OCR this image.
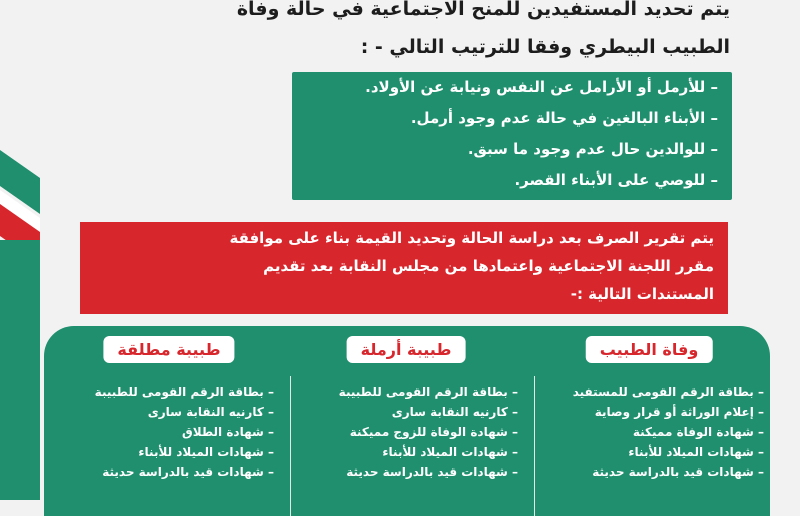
يتم تحديد المستفيدين للمنح الاجتماعية في حالة وفاة
الطبيب البيطري وفقا للترتيب التالي - :
– للأرمل أو الأرامل عن النفس ونيابة عن الأولاد.
– الأبناء البالغين في حالة عدم وجود أرمل.
– للوالدين حال عدم وجود ما سبق.
– للوصي على الأبناء القصر.
يتم تقرير الصرف بعد دراسة الحالة وتحديد القيمة بناء على موافقة
مقرر اللجنة الاجتماعية واعتمادها من مجلس النقابة بعد تقديم
المستندات التالية :-
وفاة الطبيب
– بطاقة الرقم القومى للمستفيد
– إعلام الوراثة أو قرار وصاية
– شهادة الوفاة مميكنة
– شهادات الميلاد للأبناء
– شهادات قيد بالدراسة حديثة
طبيبة أرملة
– بطاقة الرقم القومى للطبيبة
– كارنيه النقابة سارى
– شهادة الوفاة للزوج مميكنة
– شهادات الميلاد للأبناء
– شهادات قيد بالدراسة حديثة
طبيبة مطلقة
– بطاقة الرقم القومى للطبيبة
– كارنيه النقابة سارى
– شهادة الطلاق
– شهادات الميلاد للأبناء
– شهادات قيد بالدراسة حديثة
